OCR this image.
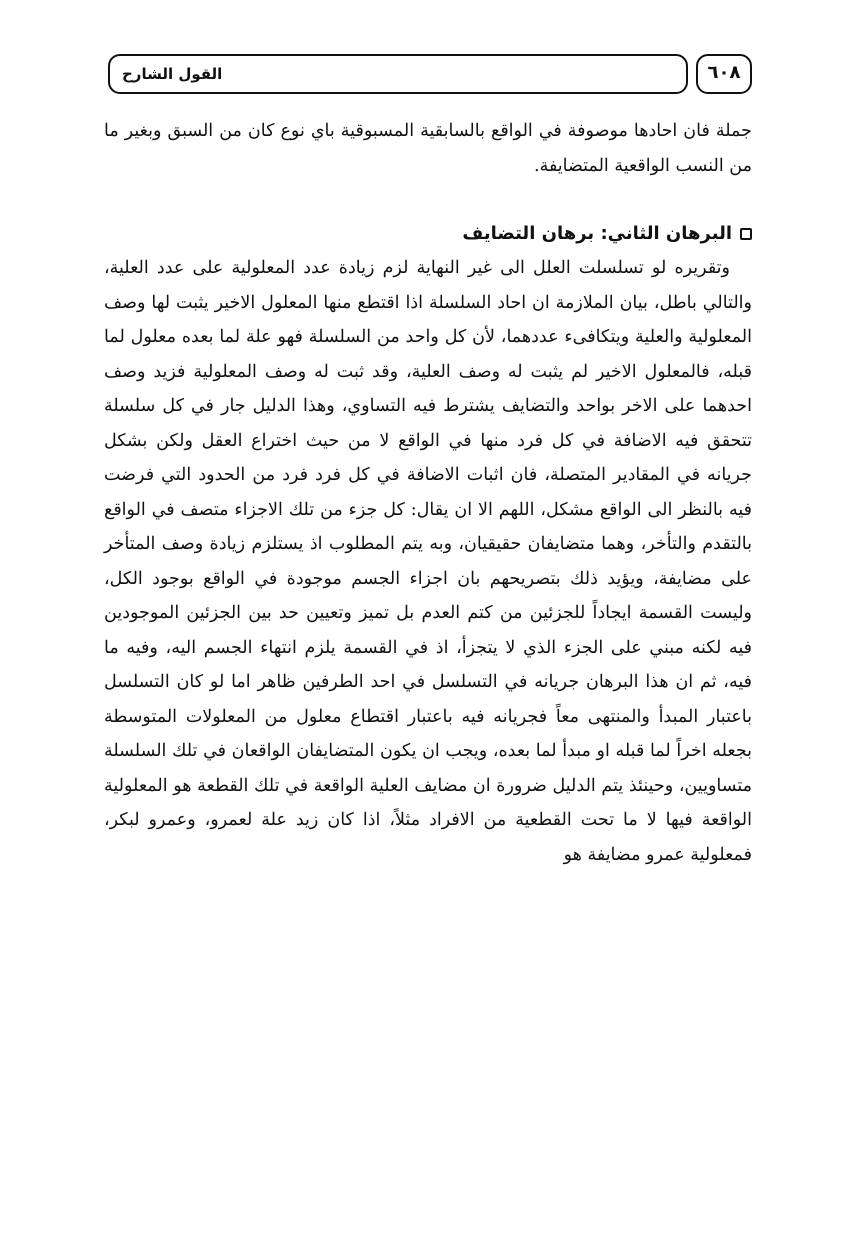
القول الشارح	٦٠٨

جملة فان احادها موصوفة في الواقع بالسابقية المسبوقية باي نوع كان من السبق وبغير ما من النسب الواقعية المتضايفة.

البرهان الثاني: برهان التضايف

وتقريره لو تسلسلت العلل الى غير النهاية لزم زيادة عدد المعلولية على عدد العلية، والتالي باطل، بيان الملازمة ان احاد السلسلة اذا اقتطع منها المعلول الاخير يثبت لها وصف المعلولية والعلية ويتكافىء عددهما، لأن كل واحد من السلسلة فهو علة لما بعده معلول لما قبله، فالمعلول الاخير لم يثبت له وصف العلية، وقد ثبت له وصف المعلولية فزيد وصف احدهما على الاخر بواحد والتضايف يشترط فيه التساوي، وهذا الدليل جار في كل سلسلة تتحقق فيه الاضافة في كل فرد منها في الواقع لا من حيث اختراع العقل ولكن بشكل جريانه في المقادير المتصلة، فان اثبات الاضافة في كل فرد فرد من الحدود التي فرضت فيه بالنظر الى الواقع مشكل، اللهم الا ان يقال: كل جزء من تلك الاجزاء متصف في الواقع بالتقدم والتأخر، وهما متضايفان حقيقيان، وبه يتم المطلوب اذ يستلزم زيادة وصف المتأخر على مضايفة، ويؤيد ذلك بتصريحهم بان اجزاء الجسم موجودة في الواقع بوجود الكل، وليست القسمة ايجاداً للجزئين من كتم العدم بل تميز وتعيين حد بين الجزئين الموجودين فيه لكنه مبني على الجزء الذي لا يتجزأ، اذ في القسمة يلزم انتهاء الجسم اليه، وفيه ما فيه، ثم ان هذا البرهان جريانه في التسلسل في احد الطرفين ظاهر اما لو كان التسلسل باعتبار المبدأ والمنتهى معاً فجريانه فيه باعتبار اقتطاع معلول من المعلولات المتوسطة بجعله اخراً لما قبله او مبدأ لما بعده، ويجب ان يكون المتضايفان الواقعان في تلك السلسلة متساويين، وحينئذ يتم الدليل ضرورة ان مضايف العلية الواقعة في تلك القطعة هو المعلولية الواقعة فيها لا ما تحت القطعية من الافراد مثلاً، اذا كان زيد علة لعمرو، وعمرو لبكر، فمعلولية عمرو مضايفة هو
